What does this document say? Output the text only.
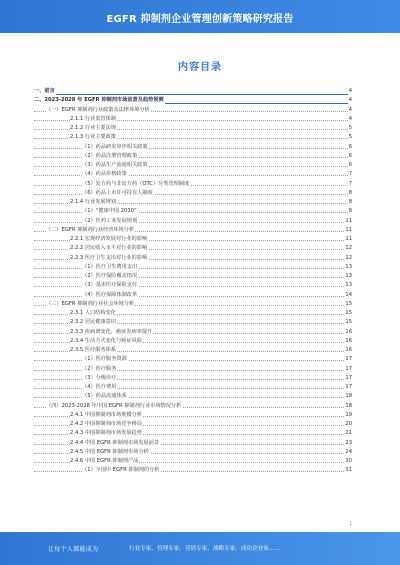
EGFR 抑制剂企业管理创新策略研究报告
内容目录
一、前言	4
二、2023-2028 年 EGFR 抑制剂市场前景及趋势预测	4
（一）EGFR 抑制剂行业政策及法律环境分析	4
2.1.1 行业监管体制	4
2.1.2 行业主要法规	5
2.1.3 行业主要政策	5
（1）药品研发审评相关政策	6
（2）药品注册管理政策	6
（3）药品生产流通相关政策	6
（4）药品价格政策	7
（5）处方药与非处方药（OTC）分类管理制度	7
（6）药品上市许可持有人制度	8
2.1.4 行业发展规划	8
（1）“健康中国 2030”	8
（2）医药工业发展规划	11
（二）EGFR 抑制剂行业经济环境分析	11
2.2.1 宏观经济发展对行业的影响	11
2.2.2 居民收入水平对行业的影响	12
2.2.3 医疗卫生支出对行业的影响	12
（1）医疗卫生费用支出	13
（2）医疗保险覆盖情况	13
（3）基本医疗保险支付	13
（4）医疗保障体制改革	14
（三）EGFR 抑制剂行业社会环境分析	15
2.3.1 人口结构变化	15
2.3.2 居民健康意识	15
2.3.3 疾病谱变化，癌症发病率提升	16
2.3.4 生活方式变化与癌症风险	16
2.3.5 医疗服务体系	16
（1）医疗服务资源	17
（2）医疗服务	17
（3）分级诊疗	17
（4）医疗费用	17
（5）药品流通体系	18
（四）2023-2028 年中国 EGFR 抑制剂行业市场情况分析	18
2.4.1 中国抑制剂市场规模分析	19
2.4.2 中国抑制剂市场竞争格局	20
2.4.3 中国抑制剂市场发展趋势	21
2.4.4 中国 EGFR 抑制剂市场发展前景	23
2.4.5 中国 EGFR 抑制剂市场分析	24
2.4.6 中国 EGFR 抑制剂产品	30
（1）全国中 EGFR 抑制剂的分析	31
1
让每个人都能成为	行业专家、管理专家、营销专家、战略专家、成功企业家……
